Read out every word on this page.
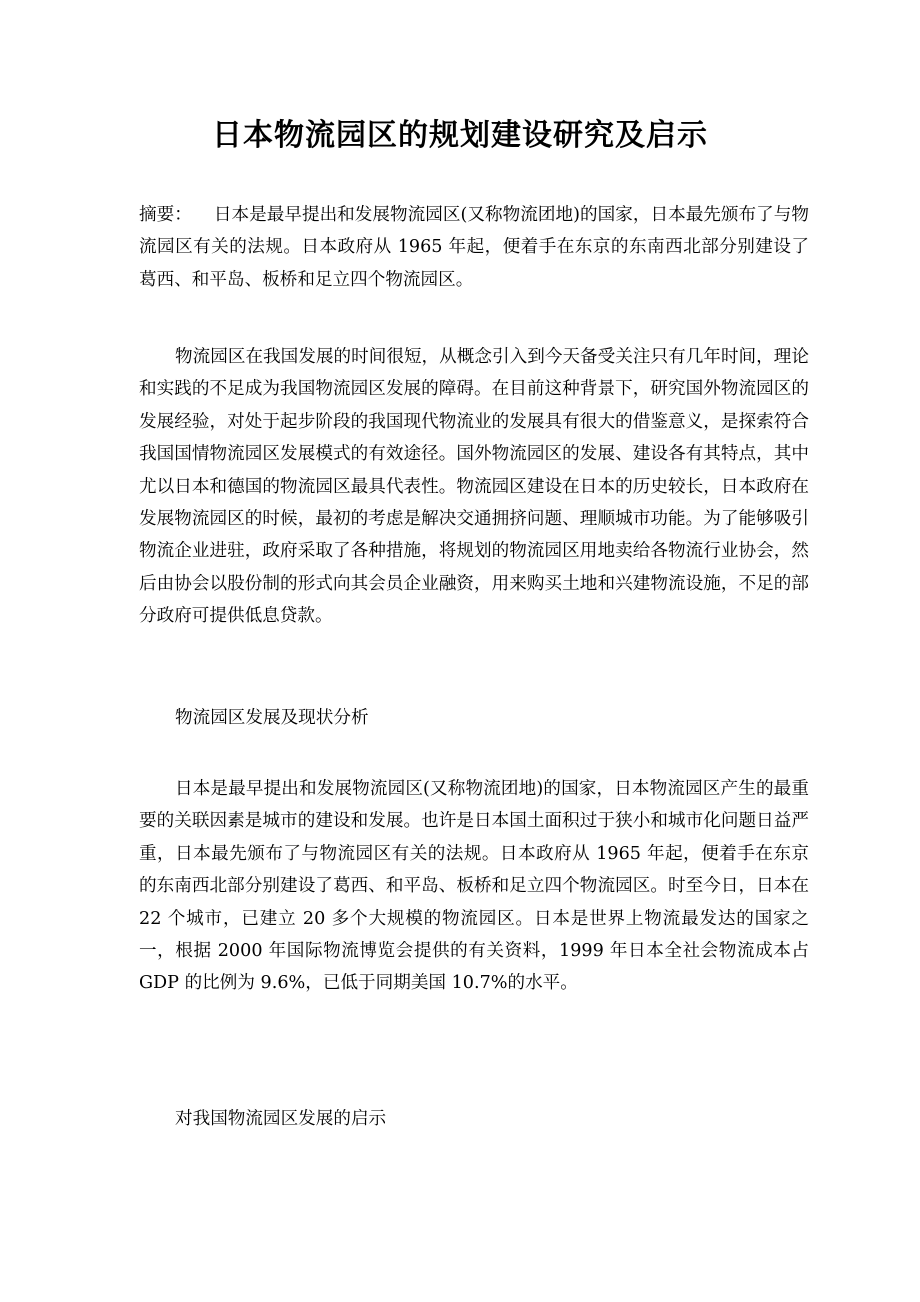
日本物流园区的规划建设研究及启示

摘要： 日本是最早提出和发展物流园区(又称物流团地)的国家，日本最先颁布了与物流园区有关的法规。日本政府从 1965 年起，便着手在东京的东南西北部分别建设了葛西、和平岛、板桥和足立四个物流园区。

物流园区在我国发展的时间很短，从概念引入到今天备受关注只有几年时间，理论和实践的不足成为我国物流园区发展的障碍。在目前这种背景下，研究国外物流园区的发展经验，对处于起步阶段的我国现代物流业的发展具有很大的借鉴意义，是探索符合我国国情物流园区发展模式的有效途径。国外物流园区的发展、建设各有其特点，其中尤以日本和德国的物流园区最具代表性。物流园区建设在日本的历史较长，日本政府在发展物流园区的时候，最初的考虑是解决交通拥挤问题、理顺城市功能。为了能够吸引物流企业进驻，政府采取了各种措施，将规划的物流园区用地卖给各物流行业协会，然后由协会以股份制的形式向其会员企业融资，用来购买土地和兴建物流设施，不足的部分政府可提供低息贷款。

物流园区发展及现状分析

日本是最早提出和发展物流园区(又称物流团地)的国家，日本物流园区产生的最重要的关联因素是城市的建设和发展。也许是日本国土面积过于狭小和城市化问题日益严重，日本最先颁布了与物流园区有关的法规。日本政府从 1965 年起，便着手在东京的东南西北部分别建设了葛西、和平岛、板桥和足立四个物流园区。时至今日，日本在 22 个城市，已建立 20 多个大规模的物流园区。日本是世界上物流最发达的国家之一，根据 2000 年国际物流博览会提供的有关资料，1999 年日本全社会物流成本占 GDP 的比例为 9.6%，已低于同期美国 10.7%的水平。

对我国物流园区发展的启示
